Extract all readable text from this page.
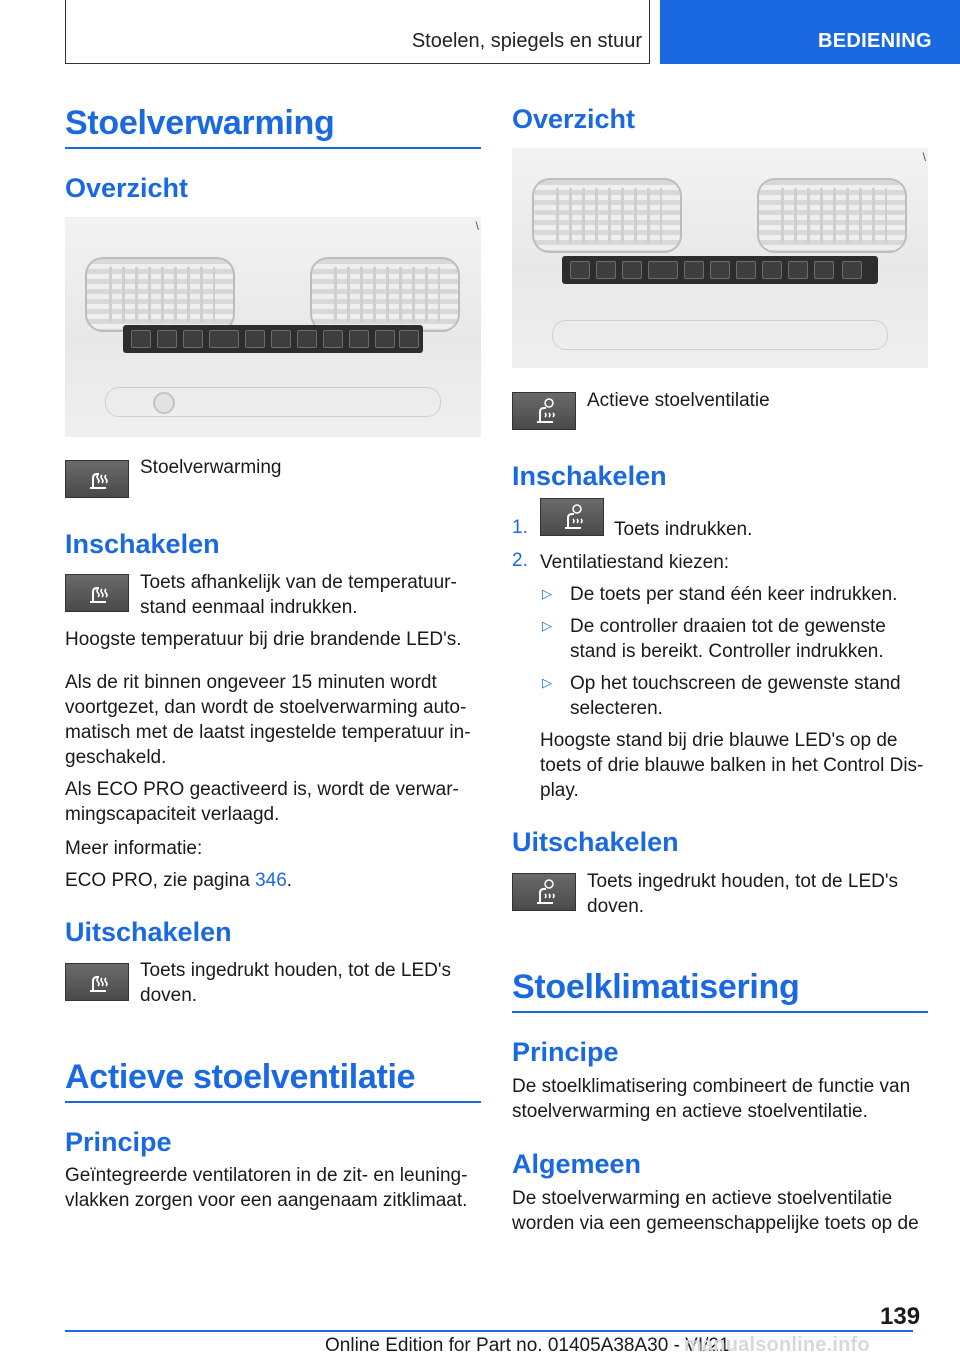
Stoelen, spiegels en stuur	BEDIENING
Stoelverwarming
Overzicht
\
Stoelverwarming
Inschakelen
Toets afhankelijk van de temperatuur-
stand eenmaal indrukken.
Hoogste temperatuur bij drie brandende LED's.
Als de rit binnen ongeveer 15 minuten wordt
voortgezet, dan wordt de stoelverwarming auto-
matisch met de laatst ingestelde temperatuur in-
geschakeld.
Als ECO PRO geactiveerd is, wordt de verwar-
mingscapaciteit verlaagd.
Meer informatie:
ECO PRO, zie pagina 346.
Uitschakelen
Toets ingedrukt houden, tot de LED's
doven.
Actieve stoelventilatie
Principe
Geïntegreerde ventilatoren in de zit- en leuning-
vlakken zorgen voor een aangenaam zitklimaat.
Overzicht
\
Actieve stoelventilatie
Inschakelen
1.	Toets indrukken.
2. Ventilatiestand kiezen:
▷ De toets per stand één keer indrukken.
▷ De controller draaien tot de gewenste
stand is bereikt. Controller indrukken.
▷ Op het touchscreen de gewenste stand
selecteren.
Hoogste stand bij drie blauwe LED's op de
toets of drie blauwe balken in het Control Dis-
play.
Uitschakelen
Toets ingedrukt houden, tot de LED's
doven.
Stoelklimatisering
Principe
De stoelklimatisering combineert de functie van
stoelverwarming en actieve stoelventilatie.
Algemeen
De stoelverwarming en actieve stoelventilatie
worden via een gemeenschappelijke toets op de
139
Online Edition for Part no. 01405A38A30 - VI/21
manualsonline.info
